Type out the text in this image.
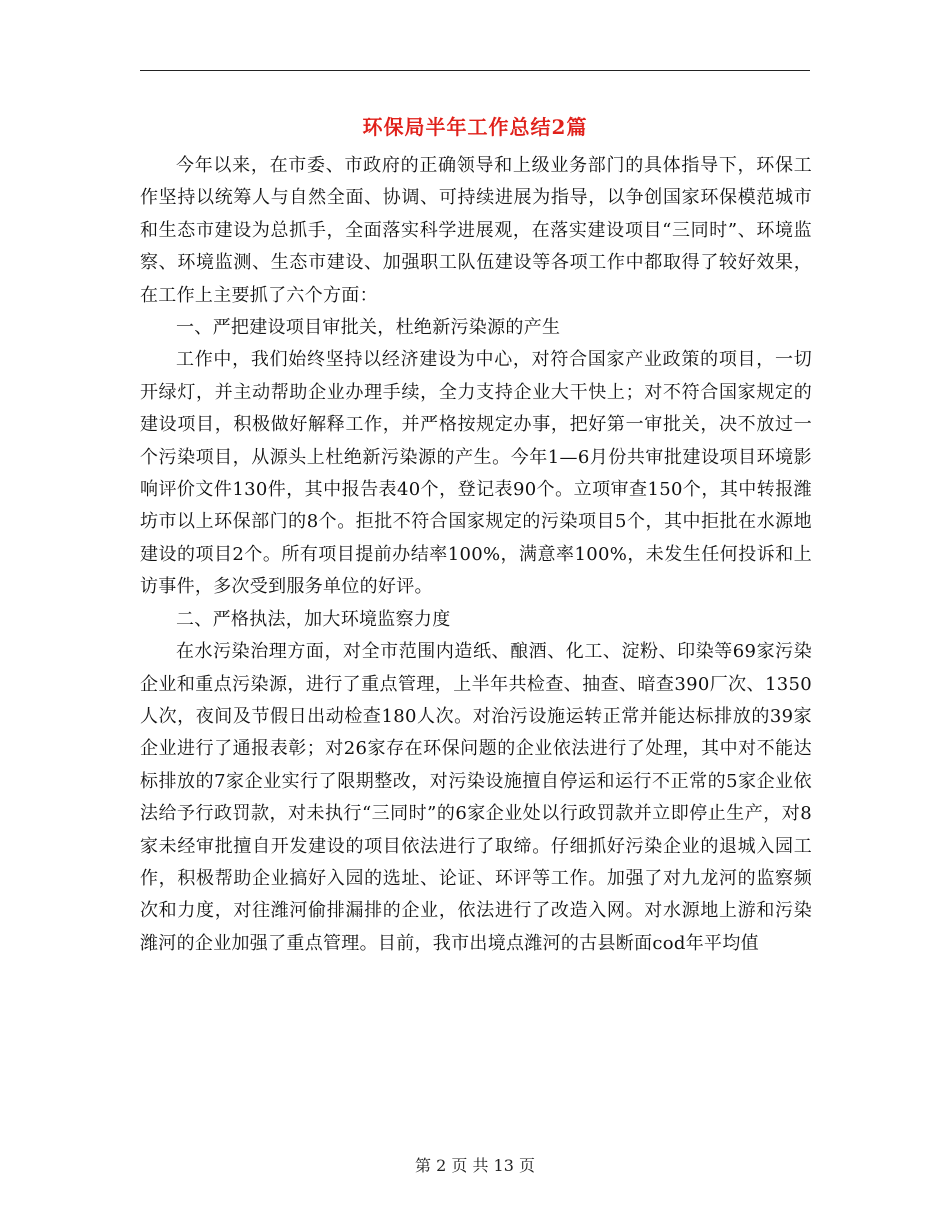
环保局半年工作总结2篇

今年以来，在市委、市政府的正确领导和上级业务部门的具体指导下，环保工作坚持以统筹人与自然全面、协调、可持续进展为指导，以争创国家环保模范城市和生态市建设为总抓手，全面落实科学进展观，在落实建设项目“三同时”、环境监察、环境监测、生态市建设、加强职工队伍建设等各项工作中都取得了较好效果，在工作上主要抓了六个方面：

一、严把建设项目审批关，杜绝新污染源的产生

工作中，我们始终坚持以经济建设为中心，对符合国家产业政策的项目，一切开绿灯，并主动帮助企业办理手续，全力支持企业大干快上；对不符合国家规定的建设项目，积极做好解释工作，并严格按规定办事，把好第一审批关，决不放过一个污染项目，从源头上杜绝新污染源的产生。今年1—6月份共审批建设项目环境影响评价文件130件，其中报告表40个，登记表90个。立项审查150个，其中转报潍坊市以上环保部门的8个。拒批不符合国家规定的污染项目5个，其中拒批在水源地建设的项目2个。所有项目提前办结率100%，满意率100%，未发生任何投诉和上访事件，多次受到服务单位的好评。

二、严格执法，加大环境监察力度

在水污染治理方面，对全市范围内造纸、酿酒、化工、淀粉、印染等69家污染企业和重点污染源，进行了重点管理，上半年共检查、抽查、暗查390厂次、1350人次，夜间及节假日出动检查180人次。对治污设施运转正常并能达标排放的39家企业进行了通报表彰；对26家存在环保问题的企业依法进行了处理，其中对不能达标排放的7家企业实行了限期整改，对污染设施擅自停运和运行不正常的5家企业依法给予行政罚款，对未执行“三同时”的6家企业处以行政罚款并立即停止生产，对8家未经审批擅自开发建设的项目依法进行了取缔。仔细抓好污染企业的退城入园工作，积极帮助企业搞好入园的选址、论证、环评等工作。加强了对九龙河的监察频次和力度，对往潍河偷排漏排的企业，依法进行了改造入网。对水源地上游和污染潍河的企业加强了重点管理。目前，我市出境点潍河的古县断面cod年平均值

第 2 页 共 13 页
